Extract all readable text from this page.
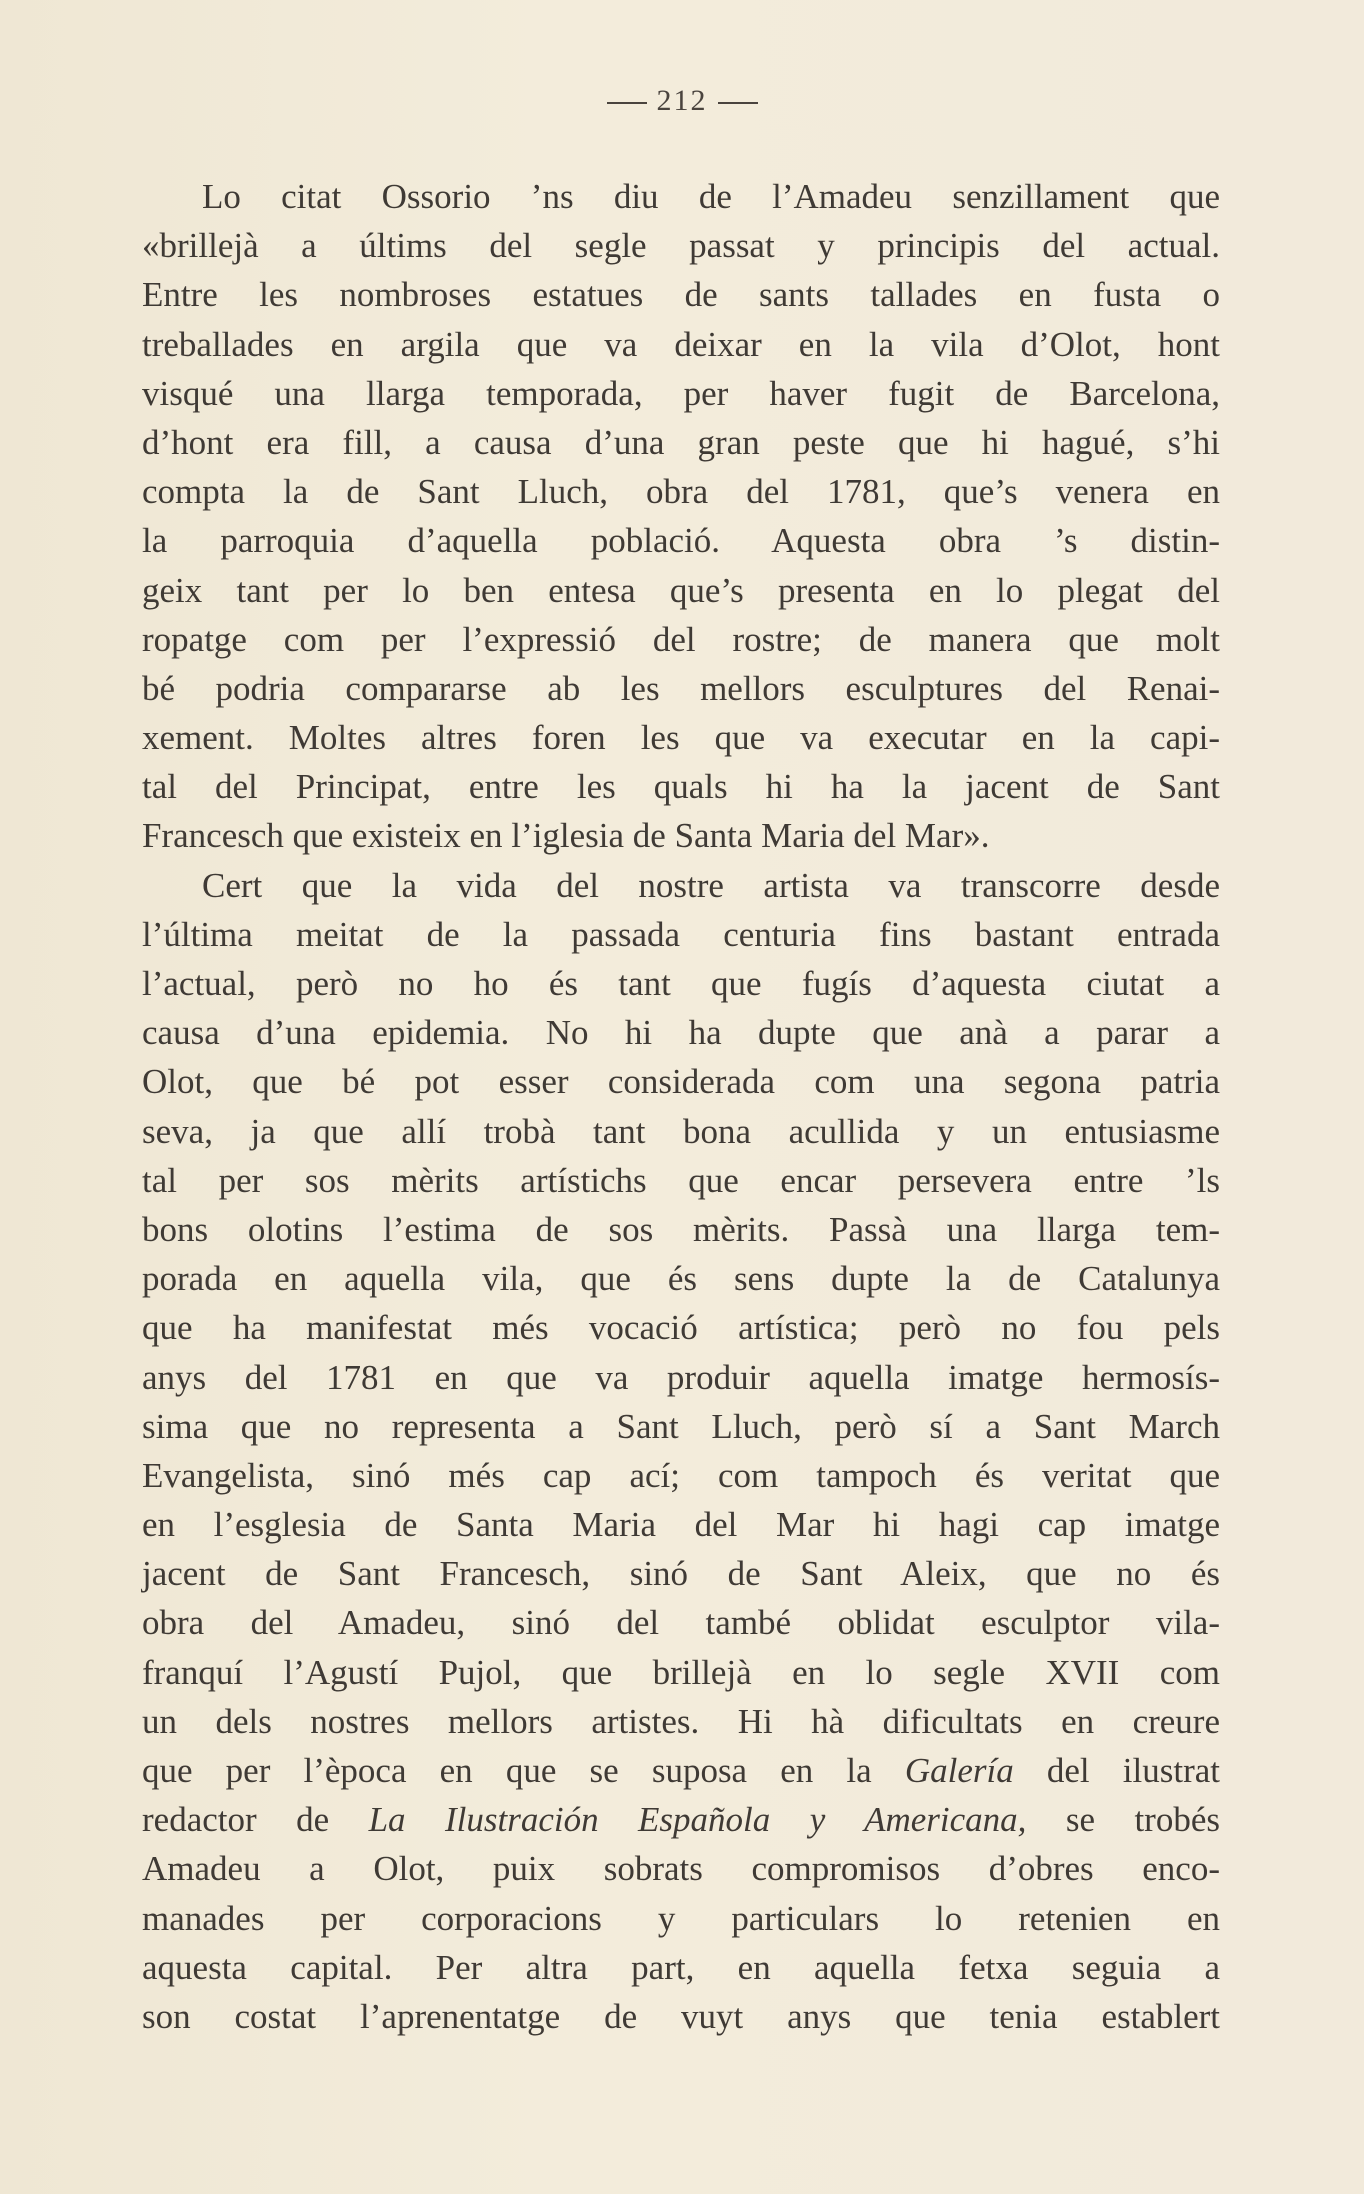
212
Lo citat Ossorio ’ns diu de l’Amadeu senzillament que
«brillejà a últims del segle passat y principis del actual.
Entre les nombroses estatues de sants tallades en fusta o
treballades en argila que va deixar en la vila d’Olot, hont
visqué una llarga temporada, per haver fugit de Barcelona,
d’hont era fill, a causa d’una gran peste que hi hagué, s’hi
compta la de Sant Lluch, obra del 1781, que’s venera en
la parroquia d’aquella població. Aquesta obra ’s distin-
geix tant per lo ben entesa que’s presenta en lo plegat del
ropatge com per l’expressió del rostre; de manera que molt
bé podria compararse ab les mellors esculptures del Renai-
xement. Moltes altres foren les que va executar en la capi-
tal del Principat, entre les quals hi ha la jacent de Sant
Francesch que existeix en l’iglesia de Santa Maria del Mar».
Cert que la vida del nostre artista va transcorre desde
l’última meitat de la passada centuria fins bastant entrada
l’actual, però no ho és tant que fugís d’aquesta ciutat a
causa d’una epidemia. No hi ha dupte que anà a parar a
Olot, que bé pot esser considerada com una segona patria
seva, ja que allí trobà tant bona acullida y un entusiasme
tal per sos mèrits artístichs que encar persevera entre ’ls
bons olotins l’estima de sos mèrits. Passà una llarga tem-
porada en aquella vila, que és sens dupte la de Catalunya
que ha manifestat més vocació artística; però no fou pels
anys del 1781 en que va produir aquella imatge hermosís-
sima que no representa a Sant Lluch, però sí a Sant March
Evangelista, sinó més cap ací; com tampoch és veritat que
en l’esglesia de Santa Maria del Mar hi hagi cap imatge
jacent de Sant Francesch, sinó de Sant Aleix, que no és
obra del Amadeu, sinó del també oblidat esculptor vila-
franquí l’Agustí Pujol, que brillejà en lo segle XVII com
un dels nostres mellors artistes. Hi hà dificultats en creure
que per l’època en que se suposa en la Galería del ilustrat
redactor de La Ilustración Española y Americana, se trobés
Amadeu a Olot, puix sobrats compromisos d’obres enco-
manades per corporacions y particulars lo retenien en
aquesta capital. Per altra part, en aquella fetxa seguia a
son costat l’aprenentatge de vuyt anys que tenia establert
